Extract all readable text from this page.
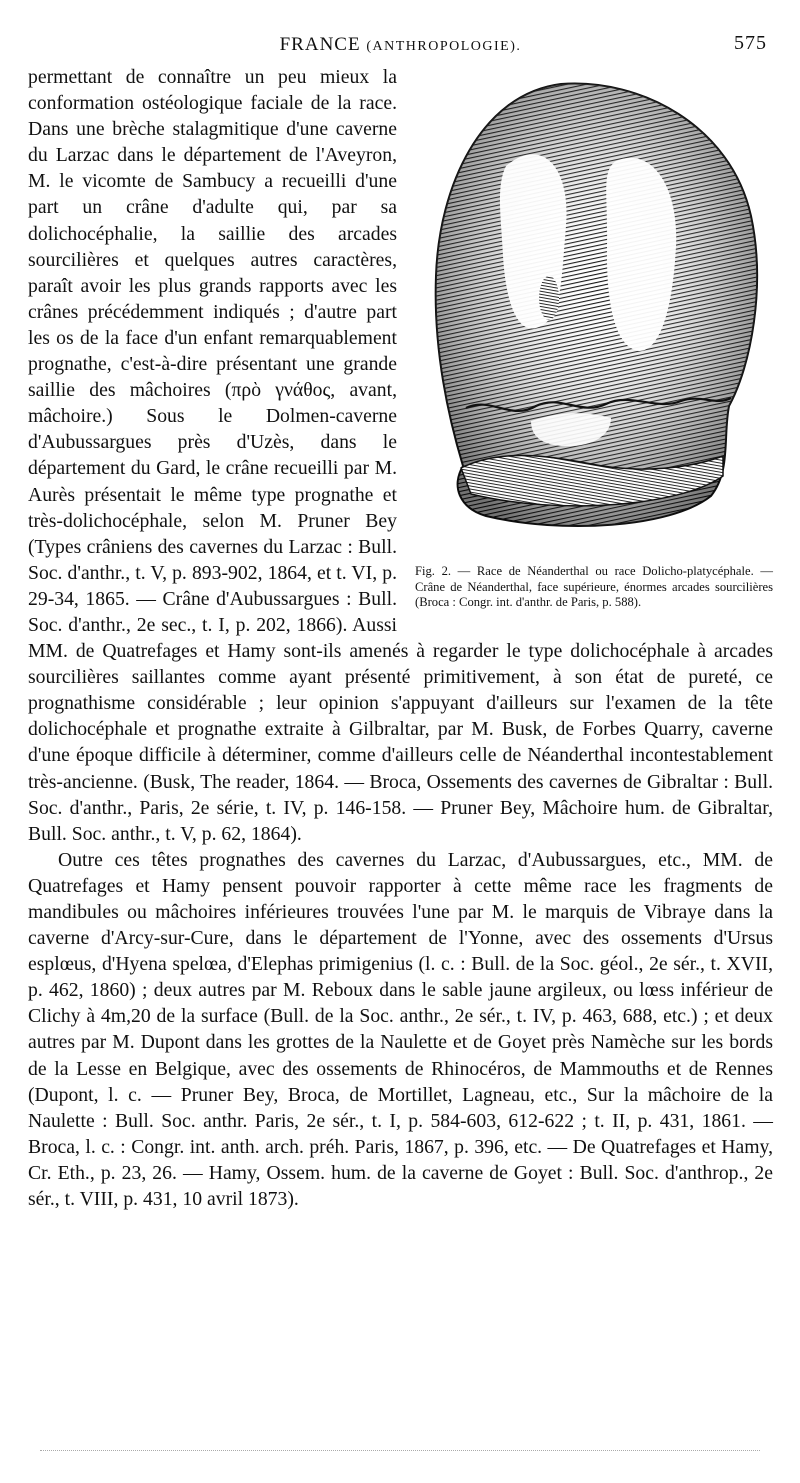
FRANCE (ANTHROPOLOGIE).	575
Fig. 2. — Race de Néanderthal ou race Dolicho-platycéphale. — Crâne de Néanderthal, face supérieure, énormes arcades sourcilières (Broca : Congr. int. d'anthr. de Paris, p. 588).

permettant de connaître un peu mieux la conformation ostéologique faciale de la race. Dans une brèche stalagmitique d'une caverne du Larzac dans le département de l'Aveyron, M. le vicomte de Sambucy a recueilli d'une part un crâne d'adulte qui, par sa dolichocéphalie, la saillie des arcades sourcilières et quelques autres caractères, paraît avoir les plus grands rapports avec les crânes précédemment indiqués ; d'autre part les os de la face d'un enfant remarquablement prognathe, c'est-à-dire présentant une grande saillie des mâchoires (πρὸ γνάθος, avant, mâchoire.) Sous le Dolmen-caverne d'Aubussargues près d'Uzès, dans le département du Gard, le crâne recueilli par M. Aurès présentait le même type prognathe et très-dolichocéphale, selon M. Pruner Bey (Types crâniens des cavernes du Larzac : Bull. Soc. d'anthr., t. V, p. 893-902, 1864, et t. VI, p. 29-34, 1865. — Crâne d'Aubussargues : Bull. Soc. d'anthr., 2e sec., t. I, p. 202, 1866). Aussi MM. de Quatrefages et Hamy sont-ils amenés à regarder le type dolichocéphale à arcades sourcilières saillantes comme ayant présenté primitivement, à son état de pureté, ce prognathisme considérable ; leur opinion s'appuyant d'ailleurs sur l'examen de la tête dolichocéphale et prognathe extraite à Gilbraltar, par M. Busk, de Forbes Quarry, caverne d'une époque difficile à déterminer, comme d'ailleurs celle de Néanderthal incontestablement très-ancienne. (Busk, The reader, 1864. — Broca, Ossements des cavernes de Gibraltar : Bull. Soc. d'anthr., Paris, 2e série, t. IV, p. 146-158. — Pruner Bey, Mâchoire hum. de Gibraltar, Bull. Soc. anthr., t. V, p. 62, 1864).

Outre ces têtes prognathes des cavernes du Larzac, d'Aubussargues, etc., MM. de Quatrefages et Hamy pensent pouvoir rapporter à cette même race les fragments de mandibules ou mâchoires inférieures trouvées l'une par M. le marquis de Vibraye dans la caverne d'Arcy-sur-Cure, dans le département de l'Yonne, avec des ossements d'Ursus esplœus, d'Hyena spelœa, d'Elephas primigenius (l. c. : Bull. de la Soc. géol., 2e sér., t. XVII, p. 462, 1860) ; deux autres par M. Reboux dans le sable jaune argileux, ou lœss inférieur de Clichy à 4m,20 de la surface (Bull. de la Soc. anthr., 2e sér., t. IV, p. 463, 688, etc.) ; et deux autres par M. Dupont dans les grottes de la Naulette et de Goyet près Namèche sur les bords de la Lesse en Belgique, avec des ossements de Rhinocéros, de Mammouths et de Rennes (Dupont, l. c. — Pruner Bey, Broca, de Mortillet, Lagneau, etc., Sur la mâchoire de la Naulette : Bull. Soc. anthr. Paris, 2e sér., t. I, p. 584-603, 612-622 ; t. II, p. 431, 1861. — Broca, l. c. : Congr. int. anth. arch. préh. Paris, 1867, p. 396, etc. — De Quatrefages et Hamy, Cr. Eth., p. 23, 26. — Hamy, Ossem. hum. de la caverne de Goyet : Bull. Soc. d'anthrop., 2e sér., t. VIII, p. 431, 10 avril 1873).
